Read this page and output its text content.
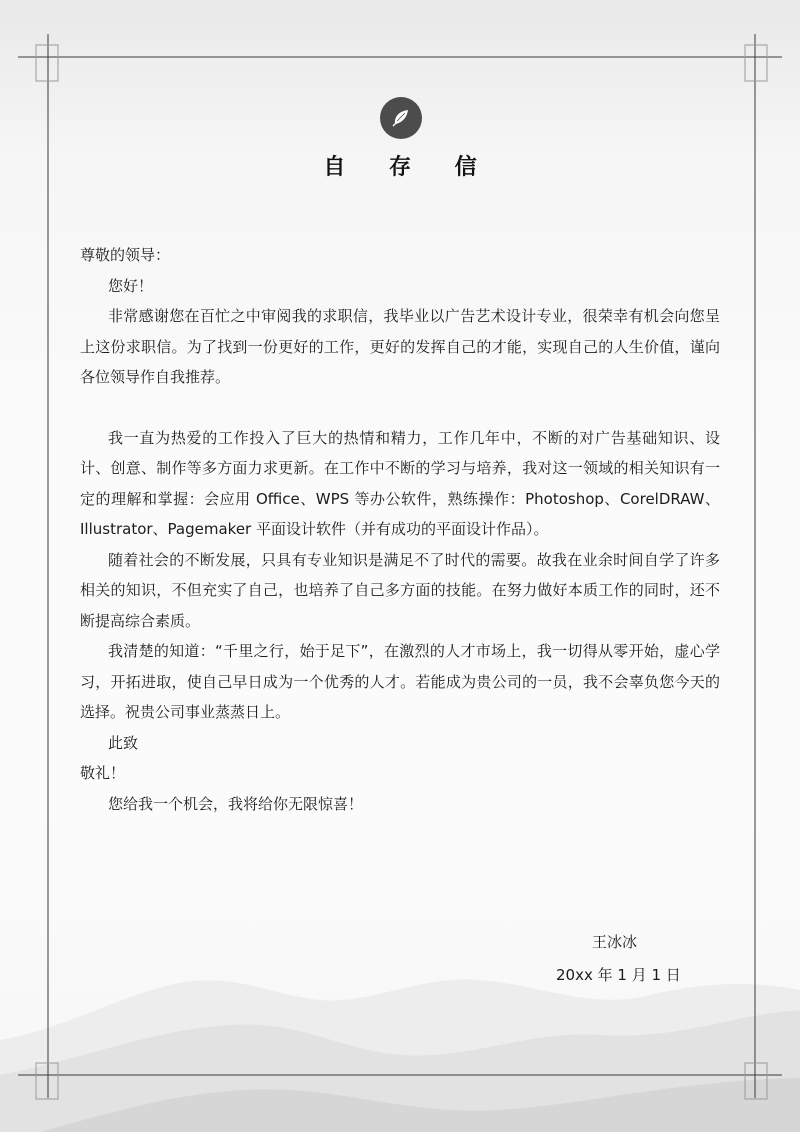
自 存 信

尊敬的领导：

您好！

非常感谢您在百忙之中审阅我的求职信，我毕业以广告艺术设计专业，很荣幸有机会向您呈上这份求职信。为了找到一份更好的工作，更好的发挥自己的才能，实现自己的人生价值，谨向各位领导作自我推荐。

我一直为热爱的工作投入了巨大的热情和精力，工作几年中，不断的对广告基础知识、设计、创意、制作等多方面力求更新。在工作中不断的学习与培养，我对这一领域的相关知识有一定的理解和掌握：会应用 Office、WPS 等办公软件，熟练操作：Photoshop、CorelDRAW、Illustrator、Pagemaker 平面设计软件（并有成功的平面设计作品）。

随着社会的不断发展，只具有专业知识是满足不了时代的需要。故我在业余时间自学了许多相关的知识，不但充实了自己，也培养了自己多方面的技能。在努力做好本质工作的同时，还不断提高综合素质。

我清楚的知道：“千里之行，始于足下”，在激烈的人才市场上，我一切得从零开始，虚心学习，开拓进取，使自己早日成为一个优秀的人才。若能成为贵公司的一员，我不会辜负您今天的选择。祝贵公司事业蒸蒸日上。

此致

敬礼！

您给我一个机会，我将给你无限惊喜！

王冰冰
20xx 年 1 月 1 日
